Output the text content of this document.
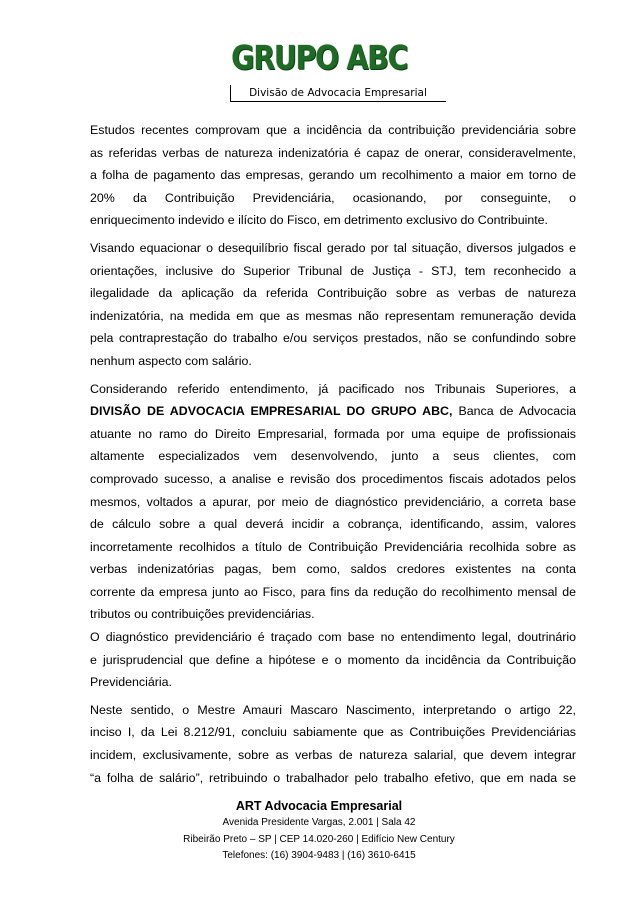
GRUPO ABC
Divisão de Advocacia Empresarial

Estudos recentes comprovam que a incidência da contribuição previdenciária sobre
as referidas verbas de natureza indenizatória é capaz de onerar, consideravelmente,
a folha de pagamento das empresas, gerando um recolhimento a maior em torno de
20% da Contribuição Previdenciária, ocasionando, por conseguinte, o
enriquecimento indevido e ilícito do Fisco, em detrimento exclusivo do Contribuinte.

Visando equacionar o desequilíbrio fiscal gerado por tal situação, diversos julgados e
orientações, inclusive do Superior Tribunal de Justiça - STJ, tem reconhecido a
ilegalidade da aplicação da referida Contribuição sobre as verbas de natureza
indenizatória, na medida em que as mesmas não representam remuneração devida
pela contraprestação do trabalho e/ou serviços prestados, não se confundindo sobre
nenhum aspecto com salário.

Considerando referido entendimento, já pacificado nos Tribunais Superiores, a
DIVISÃO DE ADVOCACIA EMPRESARIAL DO GRUPO ABC, Banca de Advocacia
atuante no ramo do Direito Empresarial, formada por uma equipe de profissionais
altamente especializados vem desenvolvendo, junto a seus clientes, com
comprovado sucesso, a analise e revisão dos procedimentos fiscais adotados pelos
mesmos, voltados a apurar, por meio de diagnóstico previdenciário, a correta base
de cálculo sobre a qual deverá incidir a cobrança, identificando, assim, valores
incorretamente recolhidos a título de Contribuição Previdenciária recolhida sobre as
verbas indenizatórias pagas, bem como, saldos credores existentes na conta
corrente da empresa junto ao Fisco, para fins da redução do recolhimento mensal de
tributos ou contribuições previdenciárias.

O diagnóstico previdenciário é traçado com base no entendimento legal, doutrinário
e jurisprudencial que define a hipótese e o momento da incidência da Contribuição
Previdenciária.

Neste sentido, o Mestre Amauri Mascaro Nascimento, interpretando o artigo 22,
inciso I, da Lei 8.212/91, concluiu sabiamente que as Contribuições Previdenciárias
incidem, exclusivamente, sobre as verbas de natureza salarial, que devem integrar
“a folha de salário”, retribuindo o trabalhador pelo trabalho efetivo, que em nada se

ART Advocacia Empresarial
Avenida Presidente Vargas, 2.001 | Sala 42
Ribeirão Preto – SP | CEP 14.020-260 | Edifício New Century
Telefones: (16) 3904-9483 | (16) 3610-6415
